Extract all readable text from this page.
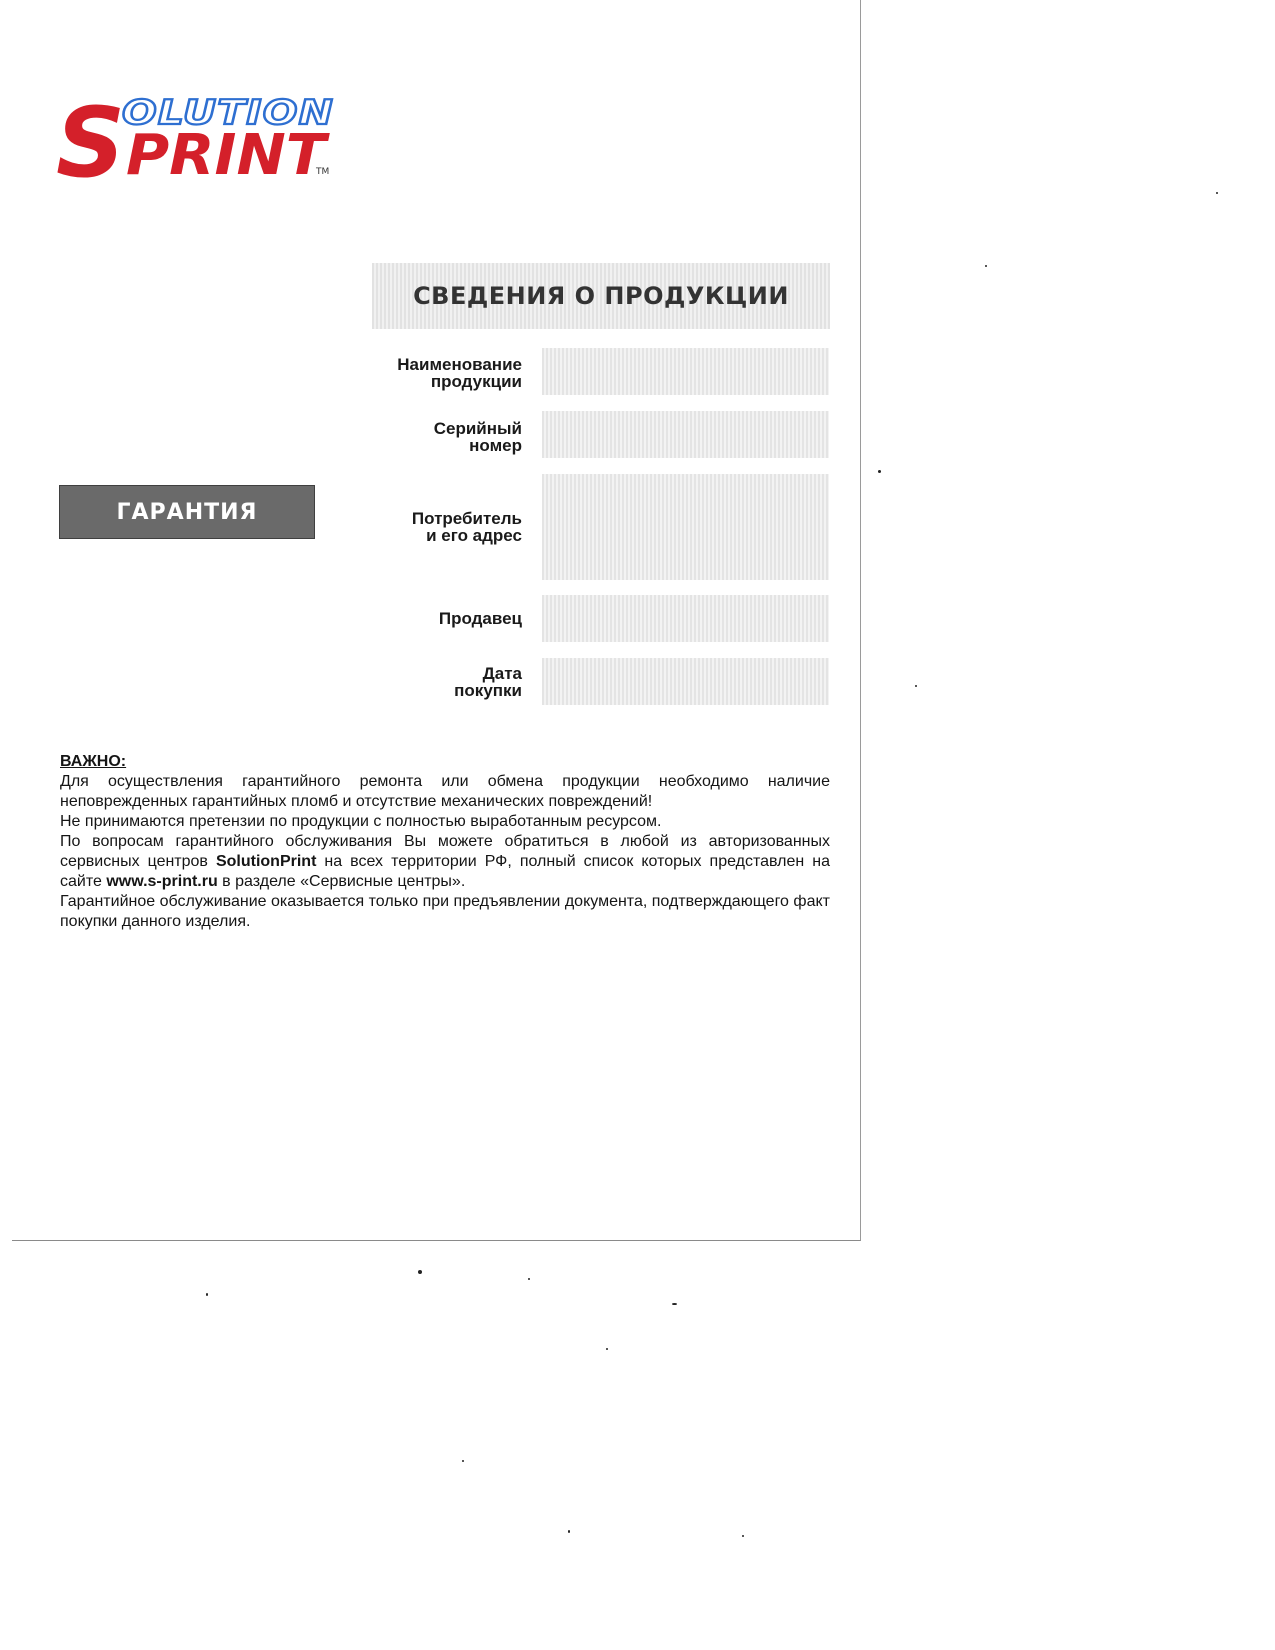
S
OLUTION
PRINT
TM
СВЕДЕНИЯ О ПРОДУКЦИИ
ГАРАНТИЯ
Наименование
продукции
Серийный
номер
Потребитель
и его адрес
Продавец
Дата
покупки
ВАЖНО:

Для осуществления гарантийного ремонта или обмена продукции необходимо наличие неповрежденных гарантийных пломб и отсутствие механических повреждений!

Не принимаются претензии по продукции с полностью выработанным ресурсом.

По вопросам гарантийного обслуживания Вы можете обратиться в любой из авторизованных сервисных центров SolutionPrint на всех территории РФ, полный список которых представлен на сайте www.s-print.ru в разделе «Сервисные центры».

Гарантийное обслуживание оказывается только при предъявлении документа, подтверждающего факт покупки данного изделия.
